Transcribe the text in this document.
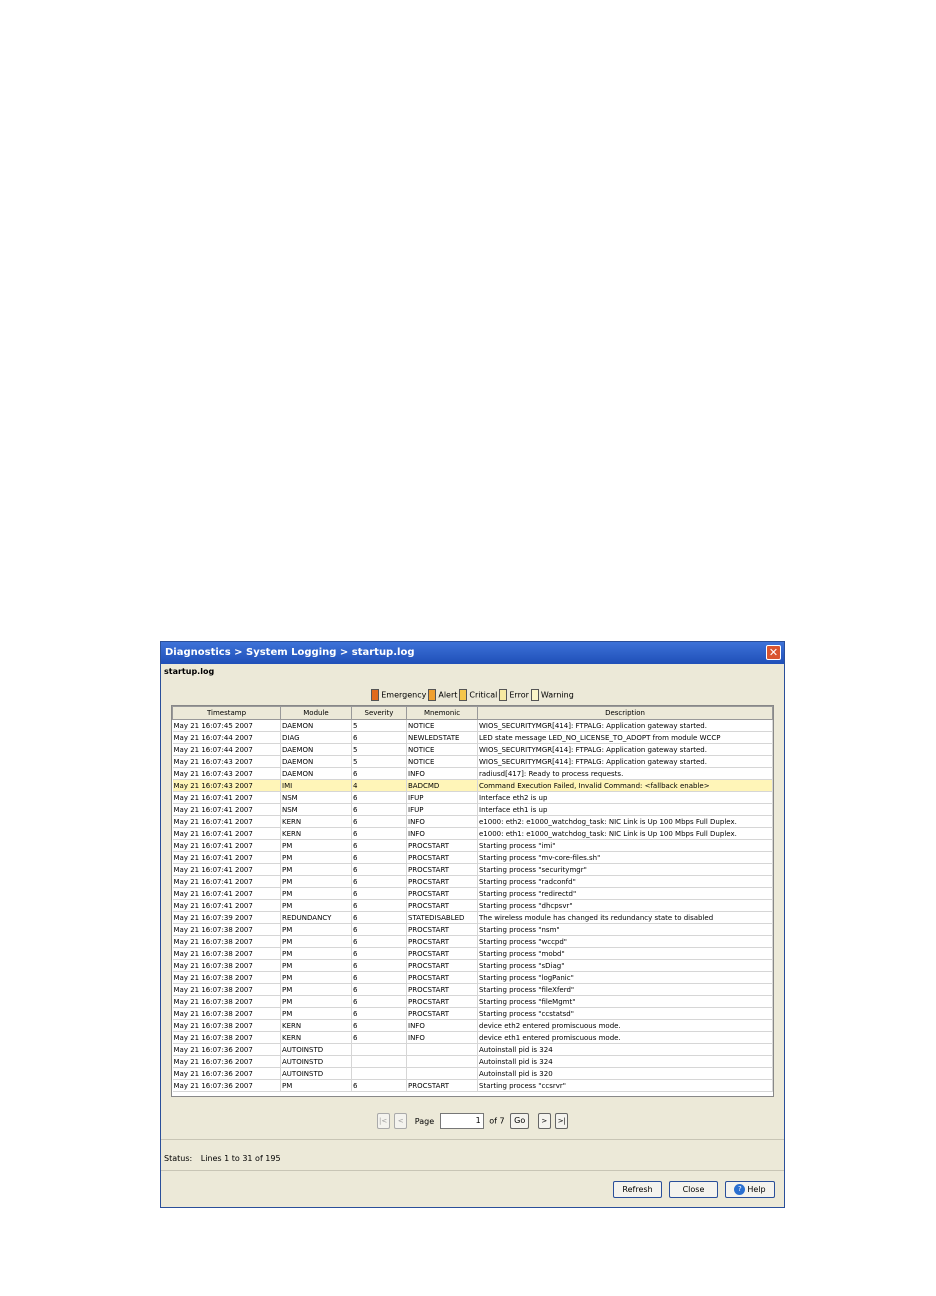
Diagnostics > System Logging > startup.log	✕
startup.log
Emergency Alert Critical Error Warning
Timestamp	Module	Severity	Mnemonic	Description
May 21 16:07:45 2007	DAEMON	5	NOTICE	WIOS_SECURITYMGR[414]: FTPALG: Application gateway started.
May 21 16:07:44 2007	DIAG	6	NEWLEDSTATE	LED state message LED_NO_LICENSE_TO_ADOPT from module WCCP
May 21 16:07:44 2007	DAEMON	5	NOTICE	WIOS_SECURITYMGR[414]: FTPALG: Application gateway started.
May 21 16:07:43 2007	DAEMON	5	NOTICE	WIOS_SECURITYMGR[414]: FTPALG: Application gateway started.
May 21 16:07:43 2007	DAEMON	6	INFO	radiusd[417]: Ready to process requests.
May 21 16:07:43 2007	IMI	4	BADCMD	Command Execution Failed, Invalid Command: <fallback enable>
May 21 16:07:41 2007	NSM	6	IFUP	Interface eth2 is up
May 21 16:07:41 2007	NSM	6	IFUP	Interface eth1 is up
May 21 16:07:41 2007	KERN	6	INFO	e1000: eth2: e1000_watchdog_task: NIC Link is Up 100 Mbps Full Duplex.
May 21 16:07:41 2007	KERN	6	INFO	e1000: eth1: e1000_watchdog_task: NIC Link is Up 100 Mbps Full Duplex.
May 21 16:07:41 2007	PM	6	PROCSTART	Starting process "imi"
May 21 16:07:41 2007	PM	6	PROCSTART	Starting process "mv-core-files.sh"
May 21 16:07:41 2007	PM	6	PROCSTART	Starting process "securitymgr"
May 21 16:07:41 2007	PM	6	PROCSTART	Starting process "radconfd"
May 21 16:07:41 2007	PM	6	PROCSTART	Starting process "redirectd"
May 21 16:07:41 2007	PM	6	PROCSTART	Starting process "dhcpsvr"
May 21 16:07:39 2007	REDUNDANCY	6	STATEDISABLED	The wireless module has changed its redundancy state to disabled
May 21 16:07:38 2007	PM	6	PROCSTART	Starting process "nsm"
May 21 16:07:38 2007	PM	6	PROCSTART	Starting process "wccpd"
May 21 16:07:38 2007	PM	6	PROCSTART	Starting process "mobd"
May 21 16:07:38 2007	PM	6	PROCSTART	Starting process "sDiag"
May 21 16:07:38 2007	PM	6	PROCSTART	Starting process "logPanic"
May 21 16:07:38 2007	PM	6	PROCSTART	Starting process "fileXferd"
May 21 16:07:38 2007	PM	6	PROCSTART	Starting process "fileMgmt"
May 21 16:07:38 2007	PM	6	PROCSTART	Starting process "ccstatsd"
May 21 16:07:38 2007	KERN	6	INFO	device eth2 entered promiscuous mode.
May 21 16:07:38 2007	KERN	6	INFO	device eth1 entered promiscuous mode.
May 21 16:07:36 2007	AUTOINSTD			Autoinstall pid is 324
May 21 16:07:36 2007	AUTOINSTD			Autoinstall pid is 324
May 21 16:07:36 2007	AUTOINSTD			Autoinstall pid is 320
May 21 16:07:36 2007	PM	6	PROCSTART	Starting process "ccsrvr"
|< < Page	1 of 7 Go > >|
Status: Lines 1 to 31 of 195
Refresh	Close	? Help
